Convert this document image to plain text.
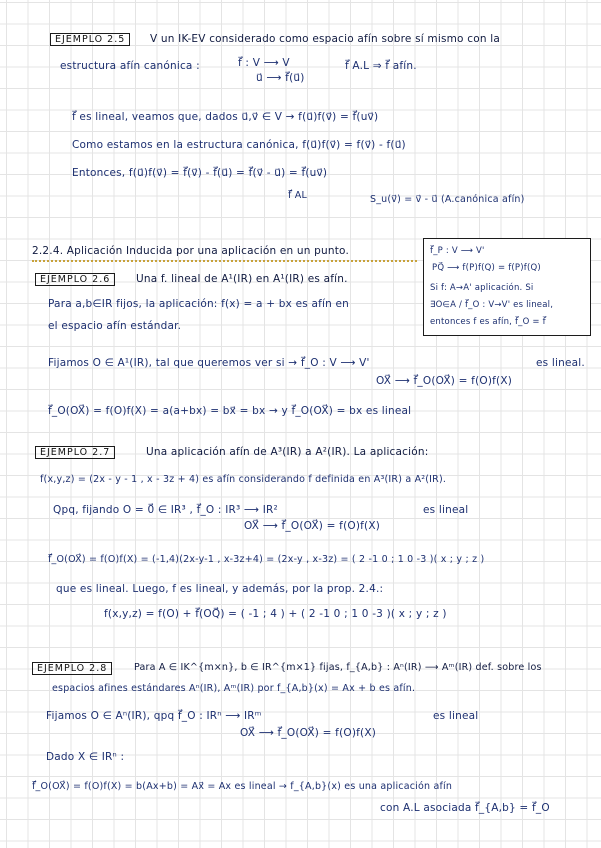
EJEMPLO 2.5	V un IK-EV considerado como espacio afín sobre sí mismo con la
estructura afín canónica :	f⃗ : V ⟶ V	f⃗ A.L ⇒ f⃗ afín.
u⃗ ⟶ f⃗(u⃗)
f⃗ es lineal, veamos que, dados u⃗,v⃗ ∈ V → f(u⃗)f(v⃗) = f⃗(uv⃗)
Como estamos en la estructura canónica, f(u⃗)f(v⃗) = f(v⃗) - f(u⃗)
Entonces, f(u⃗)f(v⃗) = f⃗(v⃗) - f⃗(u⃗) = f⃗(v⃗ - u⃗) = f⃗(uv⃗)
f⃗ AL	S_u(v⃗) = v⃗ - u⃗ (A.canónica afín)
2.2.4. Aplicación Inducida por una aplicación en un punto.	f⃗_P : V ⟶ V'
PQ⃗ ⟶ f(P)f(Q) = f(P)f(Q)
Si f: A→A' aplicación. Si
∃O∈A / f⃗_O : V→V' es lineal,
entonces f es afín, f⃗_O = f⃗
EJEMPLO 2.6	Una f. lineal de A¹(IR) en A¹(IR) es afín.
Para a,b∈IR fijos, la aplicación: f(x) = a + bx es afín en
el espacio afín estándar.
Fijamos O ∈ A¹(IR), tal que queremos ver si → f⃗_O : V ⟶ V'	es lineal.
OX⃗ ⟶ f⃗_O(OX⃗) = f(O)f(X)
f⃗_O(OX⃗) = f(O)f(X) = a(a+bx) = bx⃗ = bx → y f⃗_O(OX⃗) = bx es lineal
EJEMPLO 2.7	Una aplicación afín de A³(IR) a A²(IR). La aplicación:
f(x,y,z) = (2x - y - 1 , x - 3z + 4) es afín considerando f definida en A³(IR) a A²(IR).
Qpq, fijando O = 0⃗ ∈ IR³ , f⃗_O : IR³ ⟶ IR²	es lineal
OX⃗ ⟶ f⃗_O(OX⃗) = f(O)f(X)
f⃗_O(OX⃗) = f(O)f(X) = (-1,4)(2x-y-1 , x-3z+4) = (2x-y , x-3z) = ( 2 -1 0 ; 1 0 -3 )( x ; y ; z )
que es lineal. Luego, f es lineal, y además, por la prop. 2.4.:
f(x,y,z) = f(O) + f⃗(OQ⃗) = ( -1 ; 4 ) + ( 2 -1 0 ; 1 0 -3 )( x ; y ; z )
EJEMPLO 2.8	Para A ∈ IK^{m×n}, b ∈ IR^{m×1} fijas, f_{A,b} : Aⁿ(IR) ⟶ Aᵐ(IR) def. sobre los
espacios afines estándares Aⁿ(IR), Aᵐ(IR) por f_{A,b}(x) = Ax + b es afín.
Fijamos O ∈ Aⁿ(IR), qpq f⃗_O : IRⁿ ⟶ IRᵐ	es lineal
OX⃗ ⟶ f⃗_O(OX⃗) = f(O)f(X)
Dado X ∈ IRⁿ :
f⃗_O(OX⃗) = f(O)f(X) = b(Ax+b) = Ax⃗ = Ax es lineal → f_{A,b}(x) es una aplicación afín
con A.L asociada f⃗_{A,b} = f⃗_O
